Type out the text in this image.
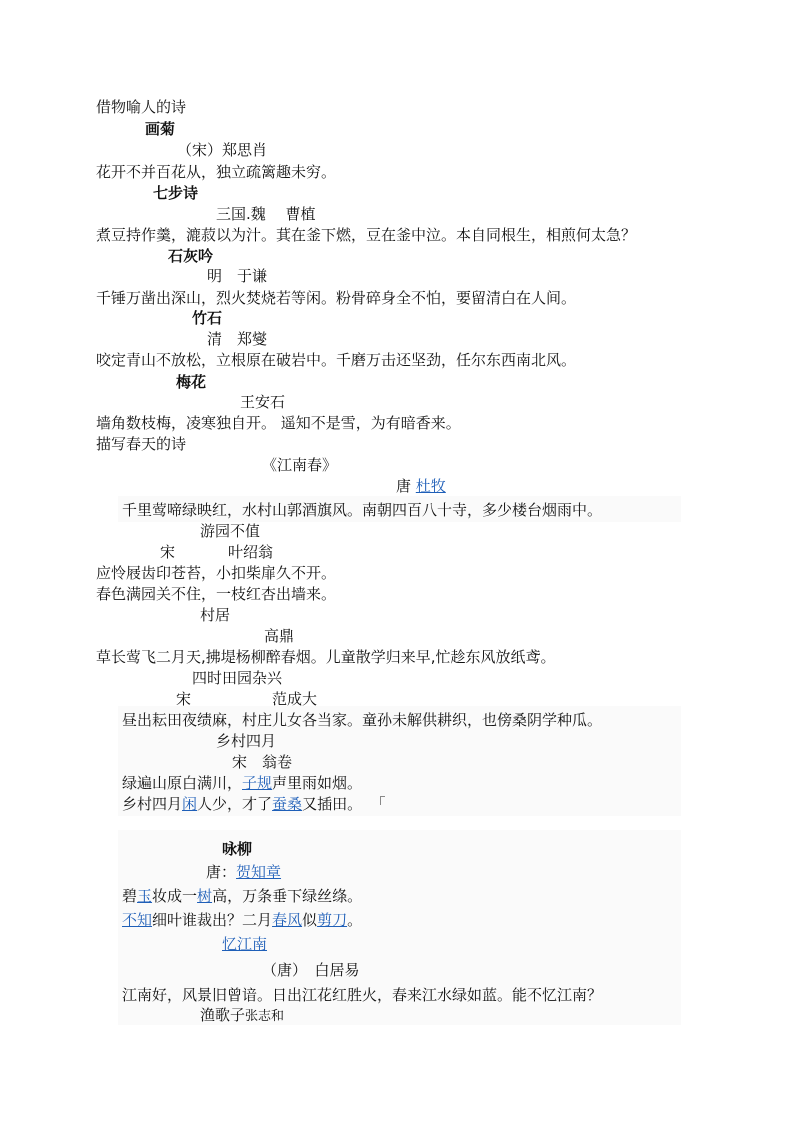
借物喻人的诗
画菊
（宋）郑思肖
花开不并百花从，独立疏篱趣未穷。
七步诗
三国.魏　 曹植
煮豆持作羹，漉菽以为汁。萁在釜下燃，豆在釜中泣。本自同根生，相煎何太急？
石灰吟
明　于谦
千锤万凿出深山，烈火焚烧若等闲。粉骨碎身全不怕，要留清白在人间。
竹石
清　郑燮
咬定青山不放松，立根原在破岩中。千磨万击还坚劲，任尔东西南北风。
梅花
王安石
墙角数枝梅，凌寒独自开。 遥知不是雪，为有暗香来。
描写春天的诗
《江南春》
唐 杜牧
千里莺啼绿映红，水村山郭酒旗风。南朝四百八十寺，多少楼台烟雨中。
游园不值
宋	叶绍翁
应怜屐齿印苍苔，小扣柴扉久不开。
春色满园关不住，一枝红杏出墙来。
村居
高鼎
草长莺飞二月天,拂堤杨柳醉春烟。儿童散学归来早,忙趁东风放纸鸢。
四时田园杂兴
宋	范成大
昼出耘田夜绩麻，村庄儿女各当家。童孙未解供耕织，也傍桑阴学种瓜。
乡村四月
宋　翁卷
绿遍山原白满川，子规声里雨如烟。
乡村四月闲人少，才了蚕桑又插田。
咏柳
唐：贺知章
碧玉妆成一树高，万条垂下绿丝绦。
不知细叶谁裁出？二月春风似剪刀。
忆江南
（唐）　白居易
江南好，风景旧曾谙。日出江花红胜火，春来江水绿如蓝。能不忆江南？
渔歌子张志和
